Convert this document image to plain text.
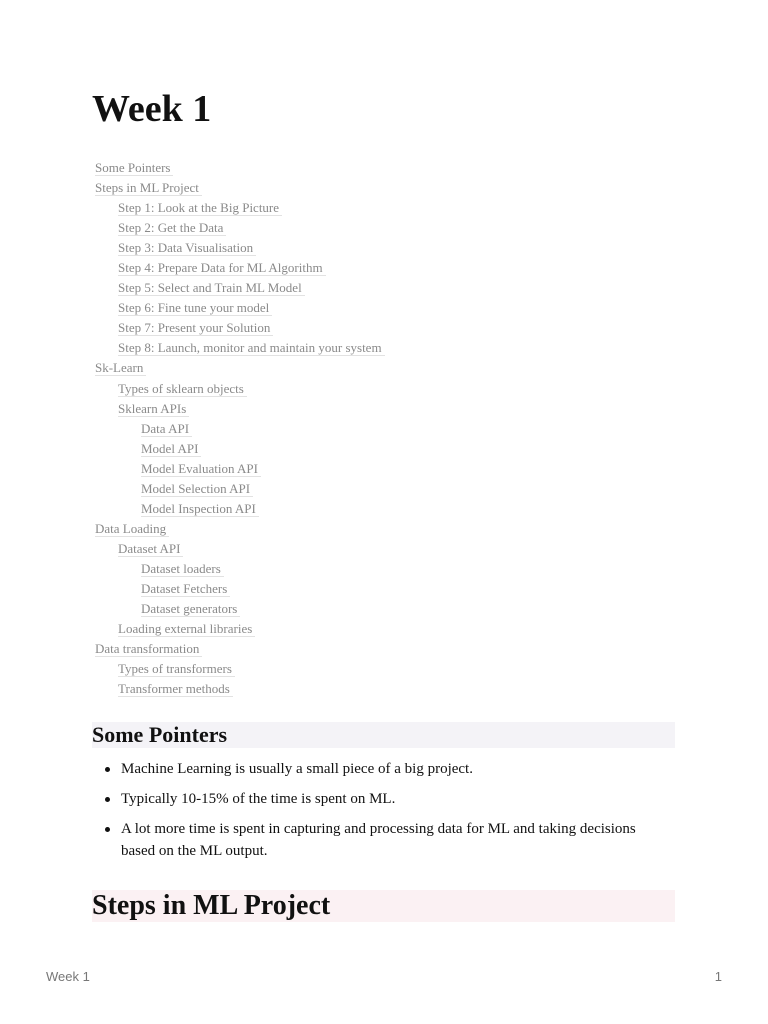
Week 1
Some Pointers
Steps in ML Project
Step 1: Look at the Big Picture
Step 2: Get the Data
Step 3: Data Visualisation
Step 4: Prepare Data for ML Algorithm
Step 5: Select and Train ML Model
Step 6: Fine tune your model
Step 7: Present your Solution
Step 8: Launch, monitor and maintain your system
Sk-Learn
Types of sklearn objects
Sklearn APIs
Data API
Model API
Model Evaluation API
Model Selection API
Model Inspection API
Data Loading
Dataset API
Dataset loaders
Dataset Fetchers
Dataset generators
Loading external libraries
Data transformation
Types of transformers
Transformer methods
Some Pointers
Machine Learning is usually a small piece of a big project.
Typically 10-15% of the time is spent on ML.
A lot more time is spent in capturing and processing data for ML and taking decisions based on the ML output.
Steps in ML Project
Week 1	1
